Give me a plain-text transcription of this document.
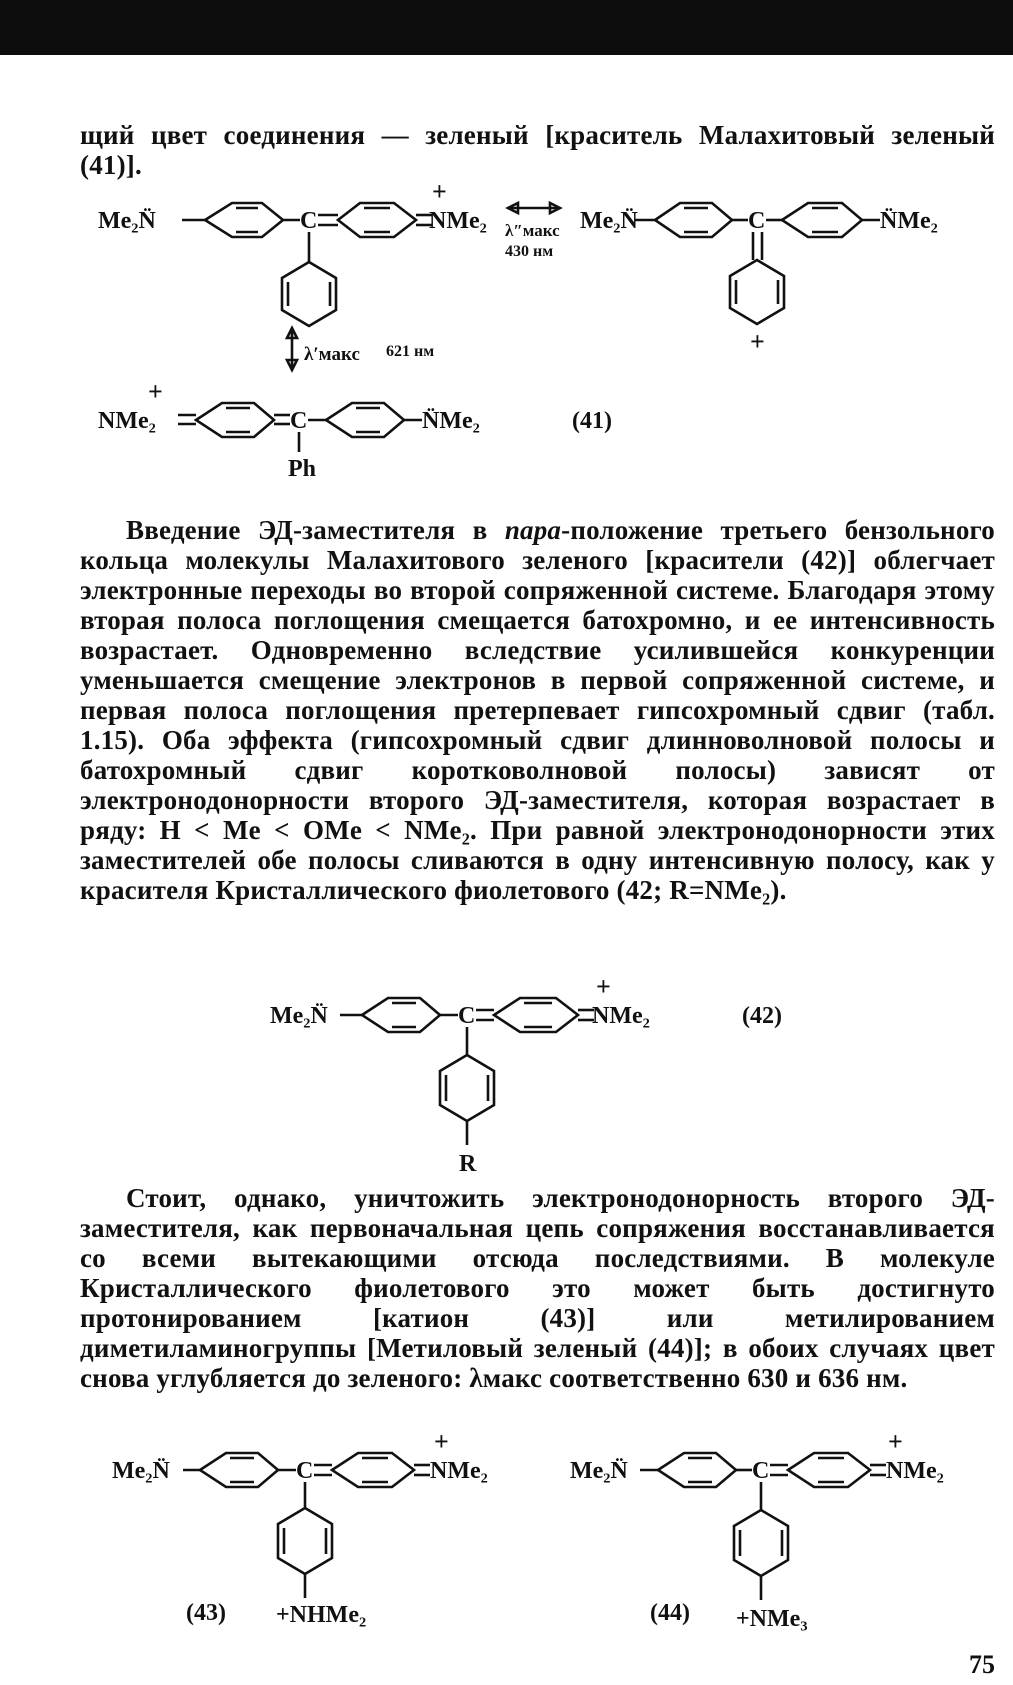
щий цвет соединения — зеленый [краситель Малахитовый зеленый (41)].
Me₂N̈	C	NMe₂
+
λ″макс
430 нм
Me₂N̈	C	N̈Me₂
+
λ′макс 621 нм
NMe₂
+
C	N̈Me₂
Ph
(41)
Введение ЭД-заместителя в пара-положение третьего бензольного кольца молекулы Малахитового зеленого [красители (42)] облегчает электронные переходы во второй сопряженной системе. Благодаря этому вторая полоса поглощения смещается батохромно, и ее интенсивность возрастает. Одновременно вследствие усилившейся конкуренции уменьшается смещение электронов в первой сопряженной системе, и первая полоса поглощения претерпевает гипсохромный сдвиг (табл. 1.15). Оба эффекта (гипсохромный сдвиг длинноволновой полосы и батохромный сдвиг коротковолновой полосы) зависят от электронодонорности второго ЭД-заместителя, которая возрастает в ряду: H < Me < OMe < NMe₂. При равной электронодонорности этих заместителей обе полосы сливаются в одну интенсивную полосу, как у красителя Кристаллического фиолетового (42; R=NMe₂).
Me₂N̈	C	NMe₂
+
R
(42)
Стоит, однако, уничтожить электронодонорность второго ЭД-заместителя, как первоначальная цепь сопряжения восстанавливается со всеми вытекающими отсюда последствиями. В молекуле Кристаллического фиолетового это может быть достигнуто протонированием [катион (43)] или метилированием диметиламиногруппы [Метиловый зеленый (44)]; в обоих случаях цвет снова углубляется до зеленого: λмакс соответственно 630 и 636 нм.
Me₂N̈	C	NMe₂
+
+NHMe₂
(43)
Me₂N̈	C	NMe₂
+
+NMe₃
(44)
75
